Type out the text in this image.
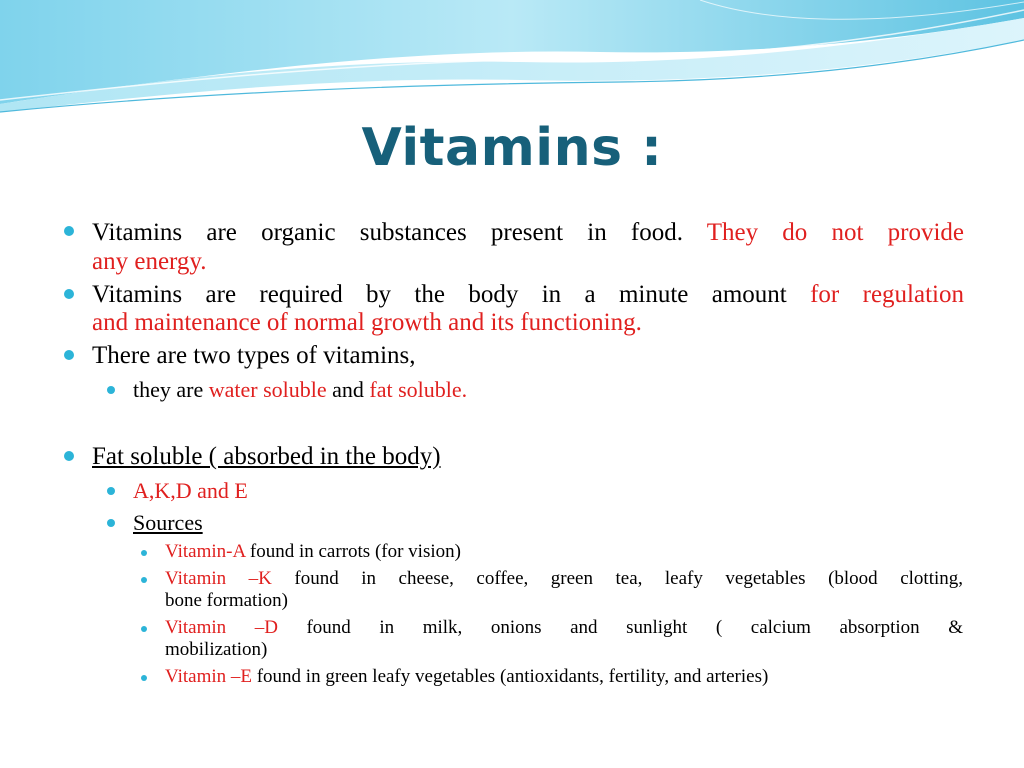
Vitamins :
Vitamins are organic substances present in food. They do not provide
any energy.
Vitamins are required by the body in a minute amount for regulation
and maintenance of normal growth and its functioning.
There are two types of vitamins,
they are water soluble and fat soluble.
Fat soluble ( absorbed in the body)
A,K,D and E
Sources
Vitamin-A found in carrots (for vision)
Vitamin –K found in cheese, coffee, green tea, leafy vegetables (blood clotting,
bone formation)
Vitamin –D found in milk, onions and sunlight ( calcium absorption &
mobilization)
Vitamin –E found in green leafy vegetables (antioxidants, fertility, and arteries)
